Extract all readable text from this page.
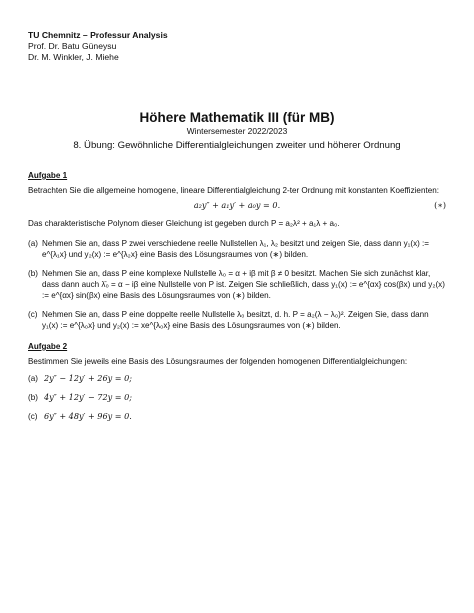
TU Chemnitz – Professur Analysis
Prof. Dr. Batu Güneysu
Dr. M. Winkler, J. Miehe
Höhere Mathematik III (für MB)
Wintersemester 2022/2023
8. Übung: Gewöhnliche Differentialgleichungen zweiter und höherer Ordnung
Aufgabe 1

Betrachten Sie die allgemeine homogene, lineare Differentialgleichung 2-ter Ordnung mit konstanten Koeffizienten:

a₂y″ + a₁y′ + a₀y = 0.	(∗)

Das charakteristische Polynom dieser Gleichung ist gegeben durch P = a₂λ² + a₁λ + a₀.

(a) Nehmen Sie an, dass P zwei verschiedene reelle Nullstellen λ₁, λ₂ besitzt und zeigen Sie, dass dann y₁(x) := e^{λ₁x} und y₂(x) := e^{λ₂x} eine Basis des Lösungsraumes von (∗) bilden.
(b) Nehmen Sie an, dass P eine komplexe Nullstelle λ₀ = α + iβ mit β ≠ 0 besitzt. Machen Sie sich zunächst klar, dass dann auch λ̄₀ = α − iβ eine Nullstelle von P ist. Zeigen Sie schließlich, dass y₁(x) := e^{αx} cos(βx) und y₂(x) := e^{αx} sin(βx) eine Basis des Lösungsraumes von (∗) bilden.
(c) Nehmen Sie an, dass P eine doppelte reelle Nullstelle λ₀ besitzt, d. h. P = a₂(λ − λ₀)². Zeigen Sie, dass dann y₁(x) := e^{λ₀x} und y₂(x) := xe^{λ₀x} eine Basis des Lösungsraumes von (∗) bilden.
Aufgabe 2

Bestimmen Sie jeweils eine Basis des Lösungsraumes der folgenden homogenen Differentialgleichungen:

(a) 2y″ − 12y′ + 26y = 0;
(b) 4y″ + 12y′ − 72y = 0;
(c) 6y″ + 48y′ + 96y = 0.
